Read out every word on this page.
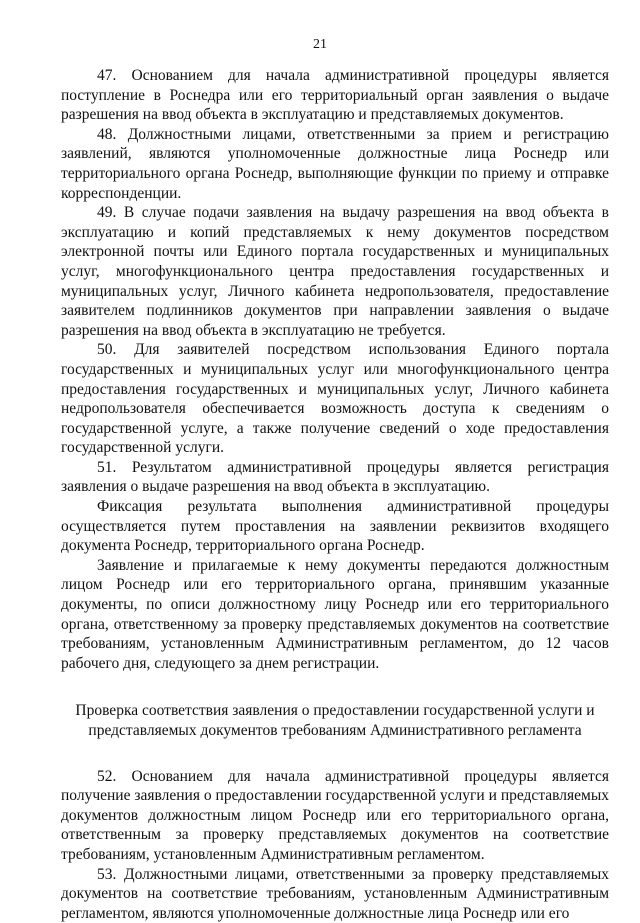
21

47. Основанием для начала административной процедуры является поступление в Роснедра или его территориальный орган заявления о выдаче разрешения на ввод объекта в эксплуатацию и представляемых документов.

48. Должностными лицами, ответственными за прием и регистрацию заявлений, являются уполномоченные должностные лица Роснедр или территориального органа Роснедр, выполняющие функции по приему и отправке корреспонденции.

49. В случае подачи заявления на выдачу разрешения на ввод объекта в эксплуатацию и копий представляемых к нему документов посредством электронной почты или Единого портала государственных и муниципальных услуг, многофункционального центра предоставления государственных и муниципальных услуг, Личного кабинета недропользователя, предоставление заявителем подлинников документов при направлении заявления о выдаче разрешения на ввод объекта в эксплуатацию не требуется.

50. Для заявителей посредством использования Единого портала государственных и муниципальных услуг или многофункционального центра предоставления государственных и муниципальных услуг, Личного кабинета недропользователя обеспечивается возможность доступа к сведениям о государственной услуге, а также получение сведений о ходе предоставления государственной услуги.

51. Результатом административной процедуры является регистрация заявления о выдаче разрешения на ввод объекта в эксплуатацию.

Фиксация результата выполнения административной процедуры осуществляется путем проставления на заявлении реквизитов входящего документа Роснедр, территориального органа Роснедр.

Заявление и прилагаемые к нему документы передаются должностным лицом Роснедр или его территориального органа, принявшим указанные документы, по описи должностному лицу Роснедр или его территориального органа, ответственному за проверку представляемых документов на соответствие требованиям, установленным Административным регламентом, до 12 часов рабочего дня, следующего за днем регистрации.

Проверка соответствия заявления о предоставлении государственной услуги и представляемых документов требованиям Административного регламента

52. Основанием для начала административной процедуры является получение заявления о предоставлении государственной услуги и представляемых документов должностным лицом Роснедр или его территориального органа, ответственным за проверку представляемых документов на соответствие требованиям, установленным Административным регламентом.

53. Должностными лицами, ответственными за проверку представляемых документов на соответствие требованиям, установленным Административным регламентом, являются уполномоченные должностные лица Роснедр или его
